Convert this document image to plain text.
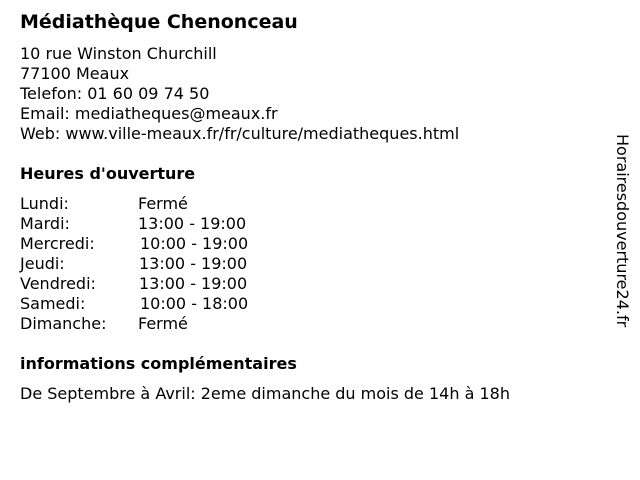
Médiathèque Chenonceau
10 rue Winston Churchill
77100 Meaux
Telefon: 01 60 09 74 50
Email: mediatheques@meaux.fr
Web: www.ville-meaux.fr/fr/culture/mediatheques.html
Heures d'ouverture
Lundi:	Fermé
Mardi:	13:00 - 19:00
Mercredi:	10:00 - 19:00
Jeudi:	13:00 - 19:00
Vendredi:	13:00 - 19:00
Samedi:	10:00 - 18:00
Dimanche: Fermé
informations complémentaires
De Septembre à Avril: 2eme dimanche du mois de 14h à 18h
Horairesdouverture24.fr
